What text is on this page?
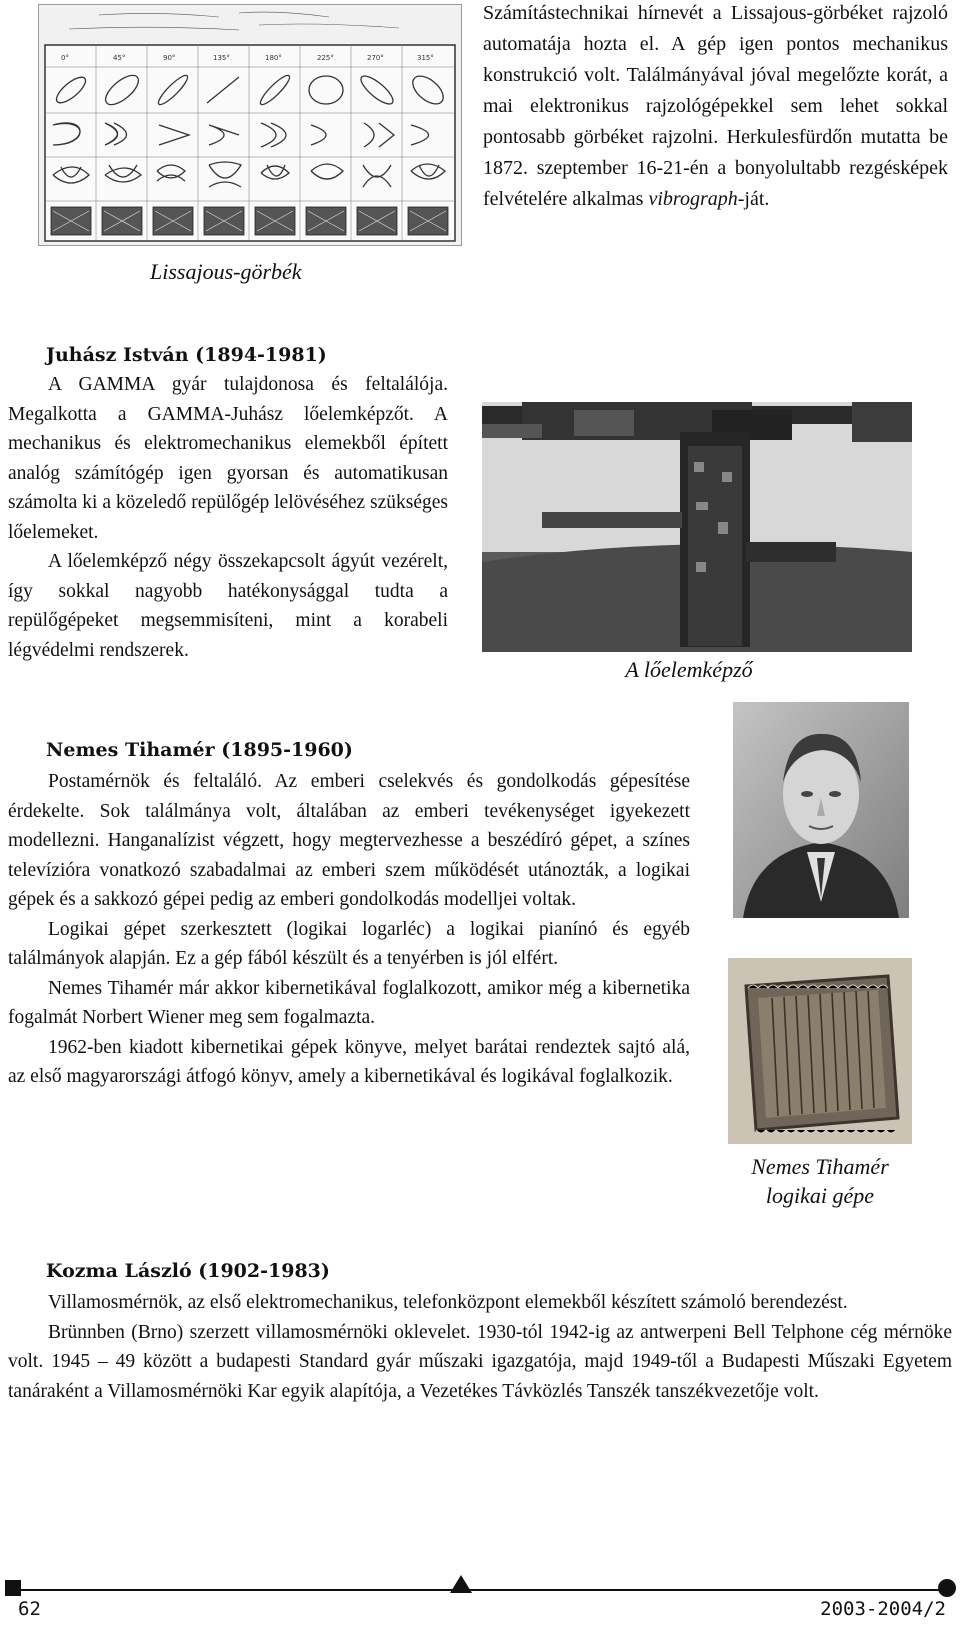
0°	45°	90°	135°	180°	225°	270°	315°
Lissajous-görbék

Számítástechnikai hírnevét a Lissajous-görbéket rajzoló automatája hozta el. A gép igen pontos mechanikus konstrukció volt. Találmányával jóval megelőzte korát, a mai elektronikus rajzológépekkel sem lehet sokkal pontosabb görbéket rajzolni. Herkulesfürdőn mutatta be 1872. szeptember 16-21-én a bonyolultabb rezgésképek felvételére alkalmas vibrograph-ját.

Juhász István (1894-1981)

A GAMMA gyár tulajdonosa és feltalálója. Megalkotta a GAMMA-Juhász lőelemképzőt. A mechanikus és elektromechanikus elemekből épített analóg számítógép igen gyorsan és automatikusan számolta ki a közeledő repülőgép lelövéséhez szükséges lőelemeket.

A lőelemképző négy összekapcsolt ágyút vezérelt, így sokkal nagyobb hatékonysággal tudta a repülőgépeket megsemmisíteni, mint a korabeli légvédelmi rendszerek.

A lőelemképző
Nemes Tihamér (1895-1960)

Postamérnök és feltaláló. Az emberi cselekvés és gondolkodás gépesítése érdekelte. Sok találmánya volt, általában az emberi tevékenységet igyekezett modellezni. Hanganalízist végzett, hogy megtervezhesse a beszédíró gépet, a színes televízióra vonatkozó szabadalmai az emberi szem működését utánozták, a logikai gépek és a sakkozó gépei pedig az emberi gondolkodás modelljei voltak.

Logikai gépet szerkesztett (logikai logarléc) a logikai pianínó és egyéb találmányok alapján. Ez a gép fából készült és a tenyérben is jól elfért.

Nemes Tihamér már akkor kibernetikával foglalkozott, amikor még a kibernetika fogalmát Norbert Wiener meg sem fogalmazta.

1962-ben kiadott kibernetikai gépek könyve, melyet barátai rendeztek sajtó alá, az első magyarországi átfogó könyv, amely a kibernetikával és logikával foglalkozik.

Nemes Tihamér
logikai gépe
Kozma László (1902-1983)

Villamosmérnök, az első elektromechanikus, telefonközpont elemekből készített számoló berendezést.

Brünnben (Brno) szerzett villamosmérnöki oklevelet. 1930-tól 1942-ig az antwerpeni Bell Telphone cég mérnöke volt. 1945 – 49 között a budapesti Standard gyár műszaki igazgatója, majd 1949-től a Budapesti Műszaki Egyetem tanáraként a Villamosmérnöki Kar egyik alapítója, a Vezetékes Távközlés Tanszék tanszékvezetője volt.

62	2003-2004/2
